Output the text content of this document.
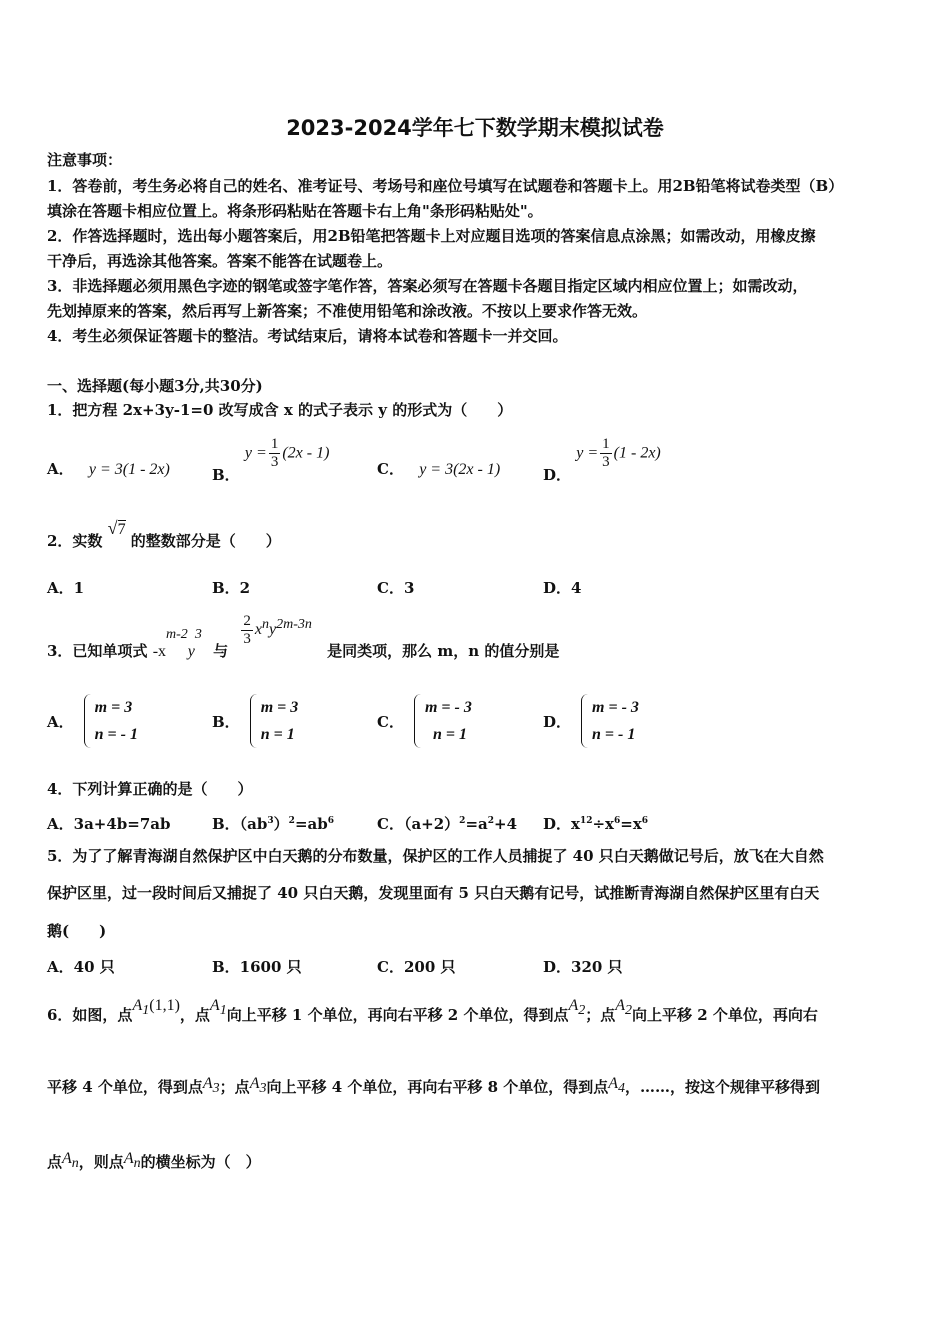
2023-2024学年七下数学期末模拟试卷
注意事项：
1．答卷前，考生务必将自己的姓名、准考证号、考场号和座位号填写在试题卷和答题卡上。用2B铅笔将试卷类型（B）
填涂在答题卡相应位置上。将条形码粘贴在答题卡右上角"条形码粘贴处"。
2．作答选择题时，选出每小题答案后，用2B铅笔把答题卡上对应题目选项的答案信息点涂黑；如需改动，用橡皮擦
干净后，再选涂其他答案。答案不能答在试题卷上。
3．非选择题必须用黑色字迹的钢笔或签字笔作答，答案必须写在答题卡各题目指定区域内相应位置上；如需改动，
先划掉原来的答案，然后再写上新答案；不准使用铅笔和涂改液。不按以上要求作答无效。
4．考生必须保证答题卡的整洁。考试结束后，请将本试卷和答题卡一并交回。
一、选择题(每小题3分,共30分)
1．把方程 2x+3y-1=0 改写成含 x 的式子表示 y 的形式为（　　）
A． y = 3(1 - 2x)	B． $y = \frac{1}{3} (2x - 1)$
C． y = 3(2x - 1)	D． $y = \frac{1}{3} (1 - 2x)$
2．实数 √7 的整数部分是（　　）
A．1	B．2	C．3	D．4
3．已知单项式 $-x^{m-2}y^3$ 与
$\frac{2}{3} x^ny^{2m-3n}$ 是同类项，那么 m，n 的值分别是
A．
m = 3
n = - 1
B．
m = 3
n = 1
C．
m = - 3
n = 1
D．
m = - 3
n = - 1
4．下列计算正确的是（　　）
A．3a+4b=7ab	B．$(ab^3)^2=ab^6$	C．$(a+2)^2=a^2+4$ D．$x^{12}\div x^6=x^6$
5．为了了解青海湖自然保护区中白天鹅的分布数量，保护区的工作人员捕捉了 40 只白天鹅做记号后，放飞在大自然
保护区里，过一段时间后又捕捉了 40 只白天鹅，发现里面有 5 只白天鹅有记号，试推断青海湖自然保护区里有白天
鹅(　　)
A．40 只	B．1600 只	C．200 只	D．320 只
6．如图，点$A_1(1,1)$，点$A_1$向上平移 1 个单位，再向右平移 2 个单位，得到点$A_2$；点$A_2$向上平移 2 个单位，再向右
平移 4 个单位，得到点$A_3$；点$A_3$向上平移 4 个单位，再向右平移 8 个单位，得到点$A_4$，……，按这个规律平移得到
点$A_n$，则点$A_n$的横坐标为（　）
